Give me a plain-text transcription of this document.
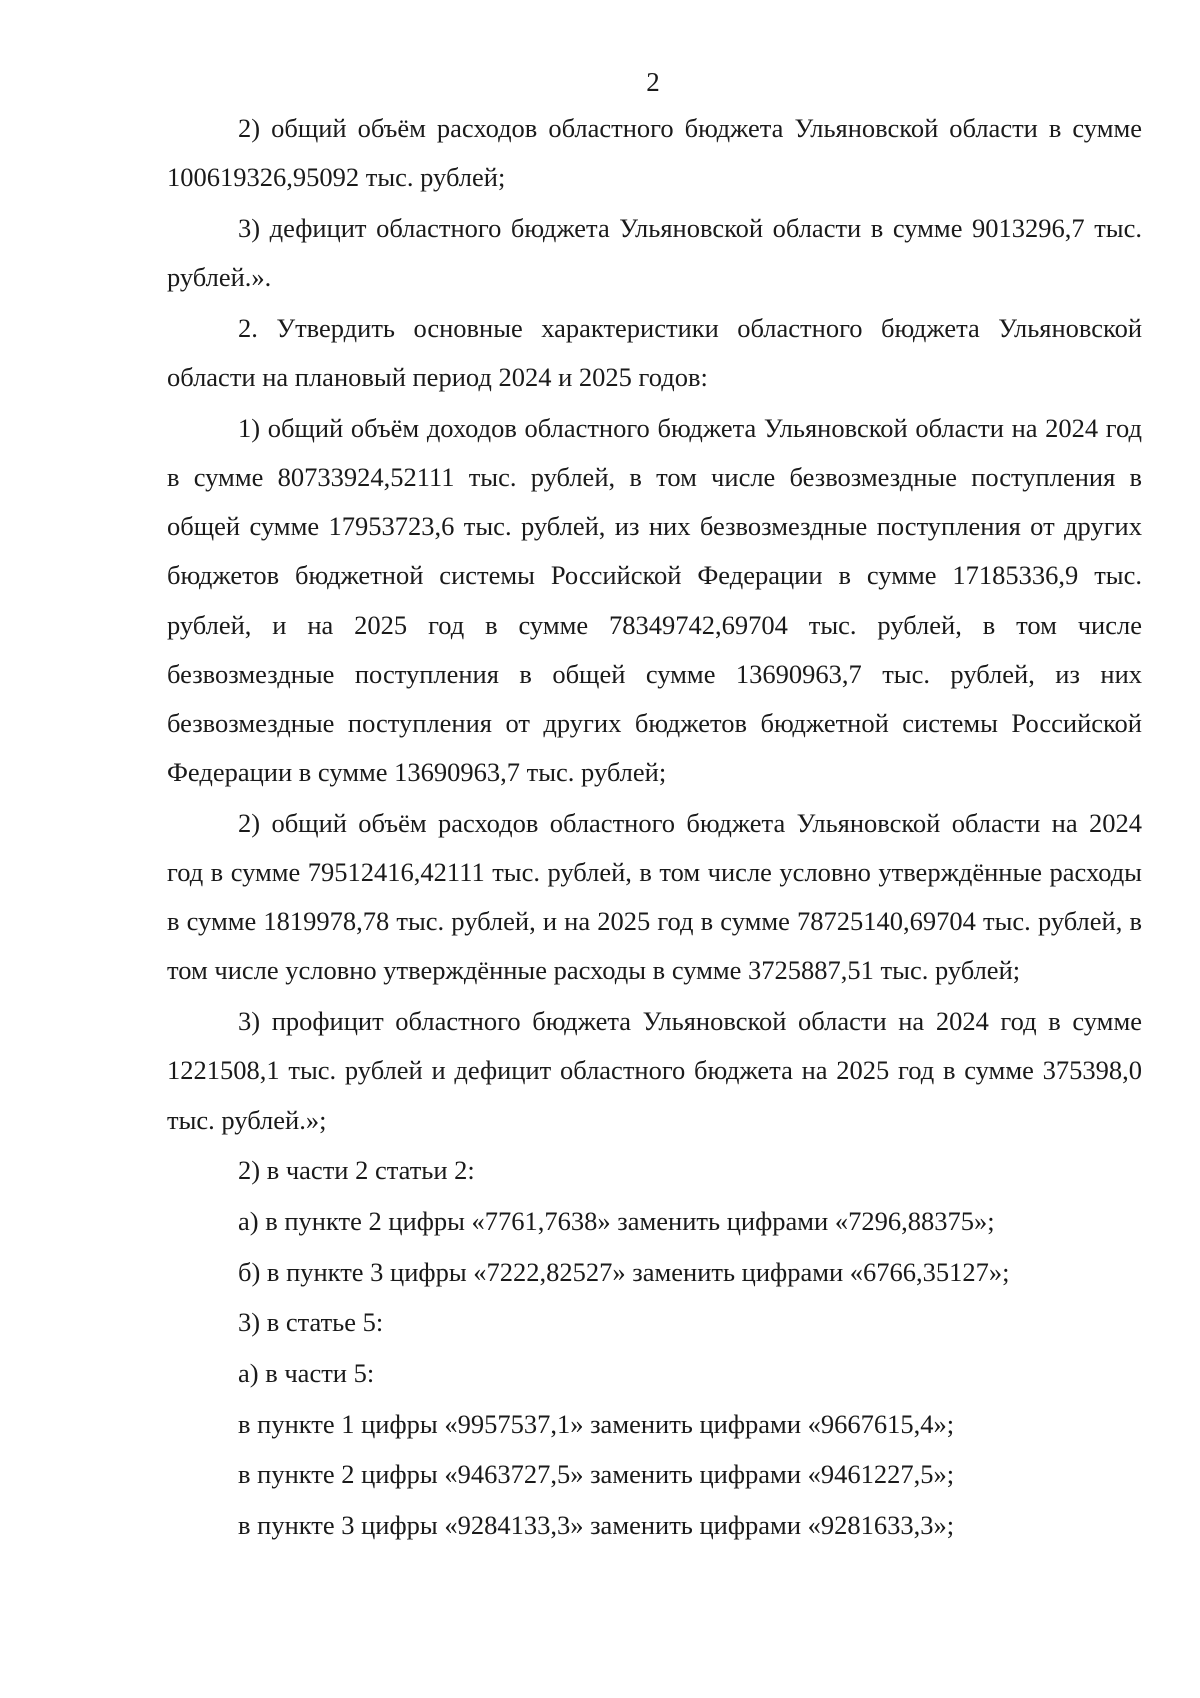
2

2) общий объём расходов областного бюджета Ульяновской области в сумме 100619326,95092 тыс. рублей;

3) дефицит областного бюджета Ульяновской области в сумме 9013296,7 тыс. рублей.».

2. Утвердить основные характеристики областного бюджета Ульяновской области на плановый период 2024 и 2025 годов:

1) общий объём доходов областного бюджета Ульяновской области на 2024 год в сумме 80733924,52111 тыс. рублей, в том числе безвозмездные поступления в общей сумме 17953723,6 тыс. рублей, из них безвозмездные поступления от других бюджетов бюджетной системы Российской Федерации в сумме 17185336,9 тыс. рублей, и на 2025 год в сумме 78349742,69704 тыс. рублей, в том числе безвозмездные поступления в общей сумме 13690963,7 тыс. рублей, из них безвозмездные поступления от других бюджетов бюджетной системы Российской Федерации в сумме 13690963,7 тыс. рублей;

2) общий объём расходов областного бюджета Ульяновской области на 2024 год в сумме 79512416,42111 тыс. рублей, в том числе условно утверждённые расходы в сумме 1819978,78 тыс. рублей, и на 2025 год в сумме 78725140,69704 тыс. рублей, в том числе условно утверждённые расходы в сумме 3725887,51 тыс. рублей;

3) профицит областного бюджета Ульяновской области на 2024 год в сумме 1221508,1 тыс. рублей и дефицит областного бюджета на 2025 год в сумме 375398,0 тыс. рублей.»;

2) в части 2 статьи 2:

а) в пункте 2 цифры «7761,7638» заменить цифрами «7296,88375»;

б) в пункте 3 цифры «7222,82527» заменить цифрами «6766,35127»;

3) в статье 5:

а) в части 5:

в пункте 1 цифры «9957537,1» заменить цифрами «9667615,4»;

в пункте 2 цифры «9463727,5» заменить цифрами «9461227,5»;

в пункте 3 цифры «9284133,3» заменить цифрами «9281633,3»;
